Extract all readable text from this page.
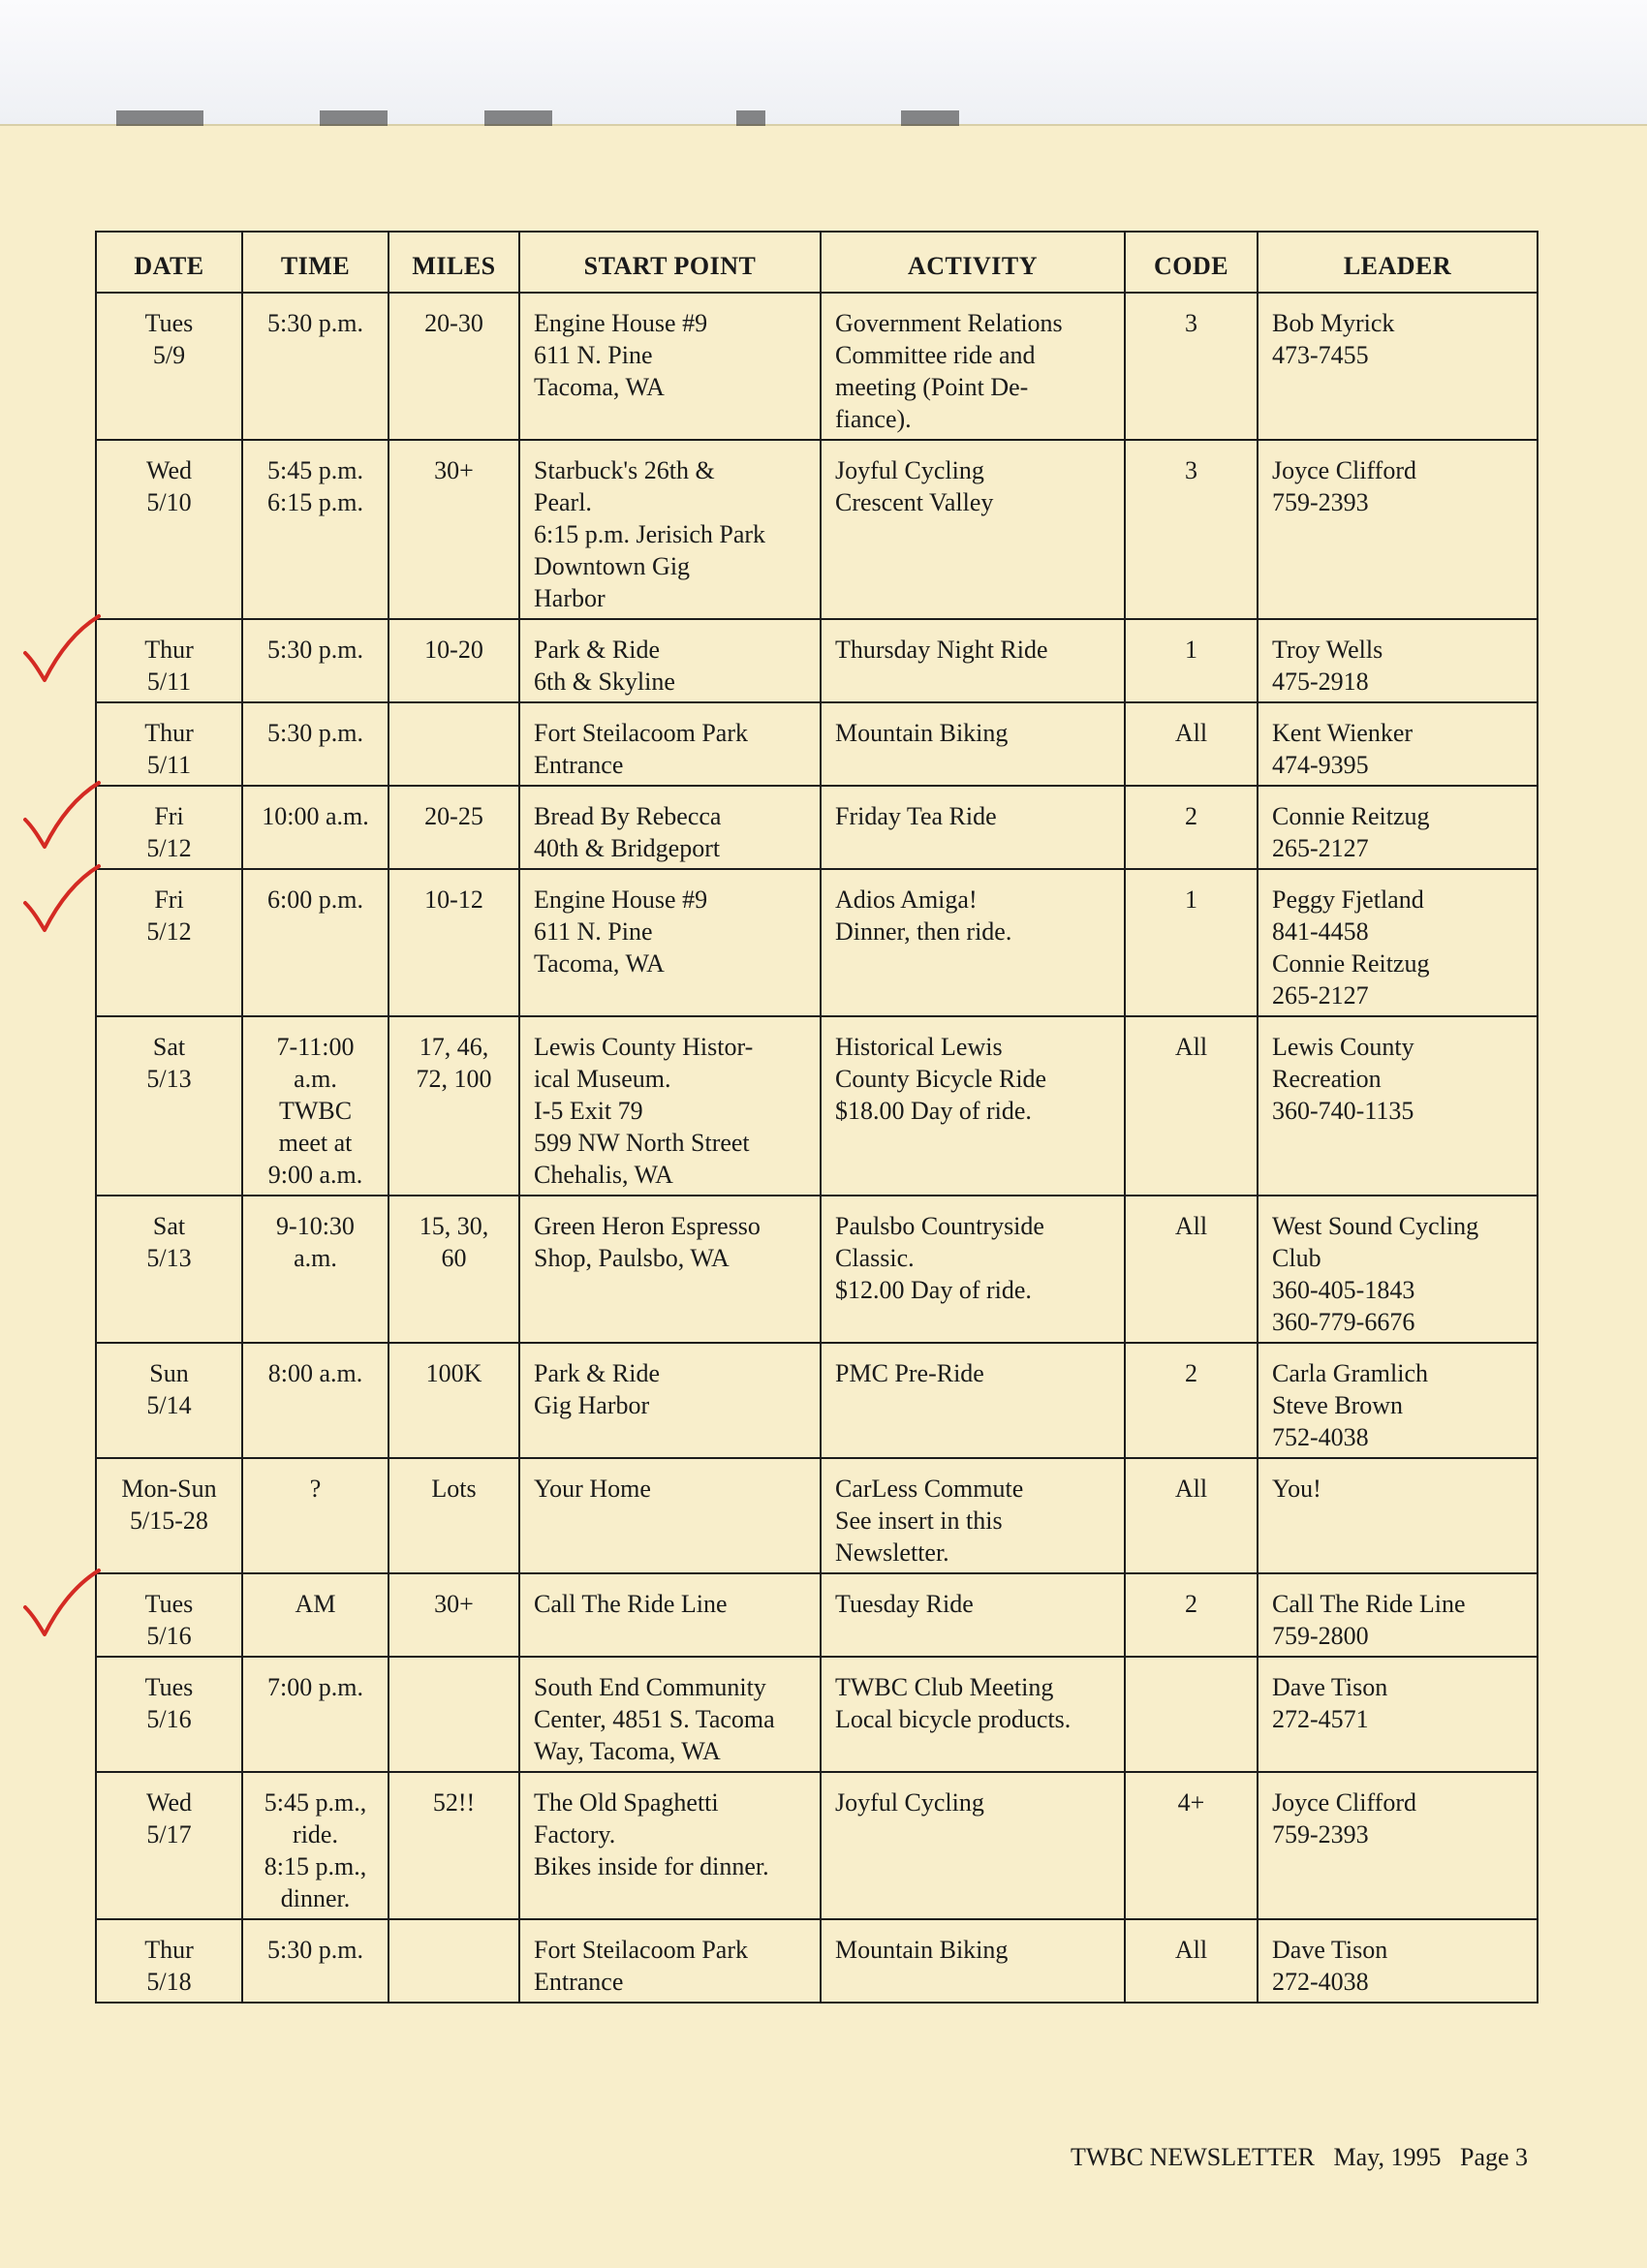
DATE	TIME	MILES	START POINT	ACTIVITY	CODE	LEADER

Tues
5/9	5:30 p.m.	20-30	Engine House #9
611 N. Pine
Tacoma, WA	Government Relations
Committee ride and
meeting (Point De-
fiance).	3	Bob Myrick
473-7455

Wed
5/10	5:45 p.m.
6:15 p.m.	30+	Starbuck's 26th &
Pearl.
6:15 p.m. Jerisich Park
Downtown Gig
Harbor	Joyful Cycling
Crescent Valley	3	Joyce Clifford
759-2393

Thur
5/11	5:30 p.m.	10-20	Park & Ride
6th & Skyline	Thursday Night Ride	1	Troy Wells
475-2918

Thur
5/11	5:30 p.m.		Fort Steilacoom Park
Entrance	Mountain Biking	All	Kent Wienker
474-9395

Fri
5/12	10:00 a.m.	20-25	Bread By Rebecca
40th & Bridgeport	Friday Tea Ride	2	Connie Reitzug
265-2127

Fri
5/12	6:00 p.m.	10-12	Engine House #9
611 N. Pine
Tacoma, WA	Adios Amiga!
Dinner, then ride.	1	Peggy Fjetland
841-4458
Connie Reitzug
265-2127

Sat
5/13	7-11:00
a.m.
TWBC
meet at
9:00 a.m.	17, 46,
72, 100	Lewis County Histor-
ical Museum.
I-5 Exit 79
599 NW North Street
Chehalis, WA	Historical Lewis
County Bicycle Ride
$18.00 Day of ride.	All	Lewis County
Recreation
360-740-1135

Sat
5/13	9-10:30
a.m.	15, 30,
60	Green Heron Espresso
Shop, Paulsbo, WA	Paulsbo Countryside
Classic.
$12.00 Day of ride.	All	West Sound Cycling
Club
360-405-1843
360-779-6676

Sun
5/14	8:00 a.m.	100K	Park & Ride
Gig Harbor	PMC Pre-Ride	2	Carla Gramlich
Steve Brown
752-4038

Mon-Sun
5/15-28	?	Lots	Your Home	CarLess Commute
See insert in this
Newsletter.	All	You!

Tues
5/16	AM	30+	Call The Ride Line	Tuesday Ride	2	Call The Ride Line
759-2800

Tues
5/16	7:00 p.m.		South End Community
Center, 4851 S. Tacoma
Way, Tacoma, WA	TWBC Club Meeting
Local bicycle products.		Dave Tison
272-4571

Wed
5/17	5:45 p.m.,
ride.
8:15 p.m.,
dinner.	52!!	The Old Spaghetti
Factory.
Bikes inside for dinner.	Joyful Cycling	4+	Joyce Clifford
759-2393

Thur
5/18	5:30 p.m.		Fort Steilacoom Park
Entrance	Mountain Biking	All	Dave Tison
272-4038
TWBC NEWSLETTER May, 1995 Page 3
